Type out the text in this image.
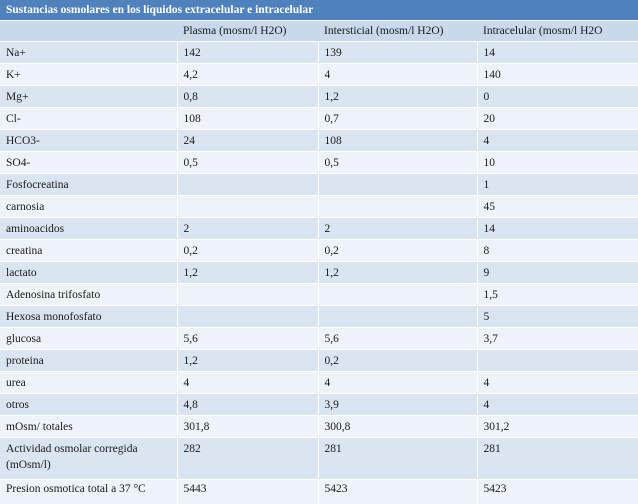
Sustancias osmolares en los líquidos extracelular e intracelular			
	Plasma (mosm/l H2O)	Intersticial (mosm/l H2O)	Intracelular (mosm/l H2O
Na+	142	139	14
K+	4,2	4	140
Mg+	0,8	1,2	0
Cl-	108	0,7	20
HCO3-	24	108	4
SO4-	0,5	0,5	10
Fosfocreatina			1
carnosia			45
aminoacidos	2	2	14
creatina	0,2	0,2	8
lactato	1,2	1,2	9
Adenosina trifosfato			1,5
Hexosa monofosfato			5
glucosa	5,6	5,6	3,7
proteina	1,2	0,2	
urea	4	4	4
otros	4,8	3,9	4
mOsm/ totales	301,8	300,8	301,2
Actividad osmolar corregida (mOsm/l)	282	281	281
Presion osmotica total a 37 °C	5443	5423	5423
